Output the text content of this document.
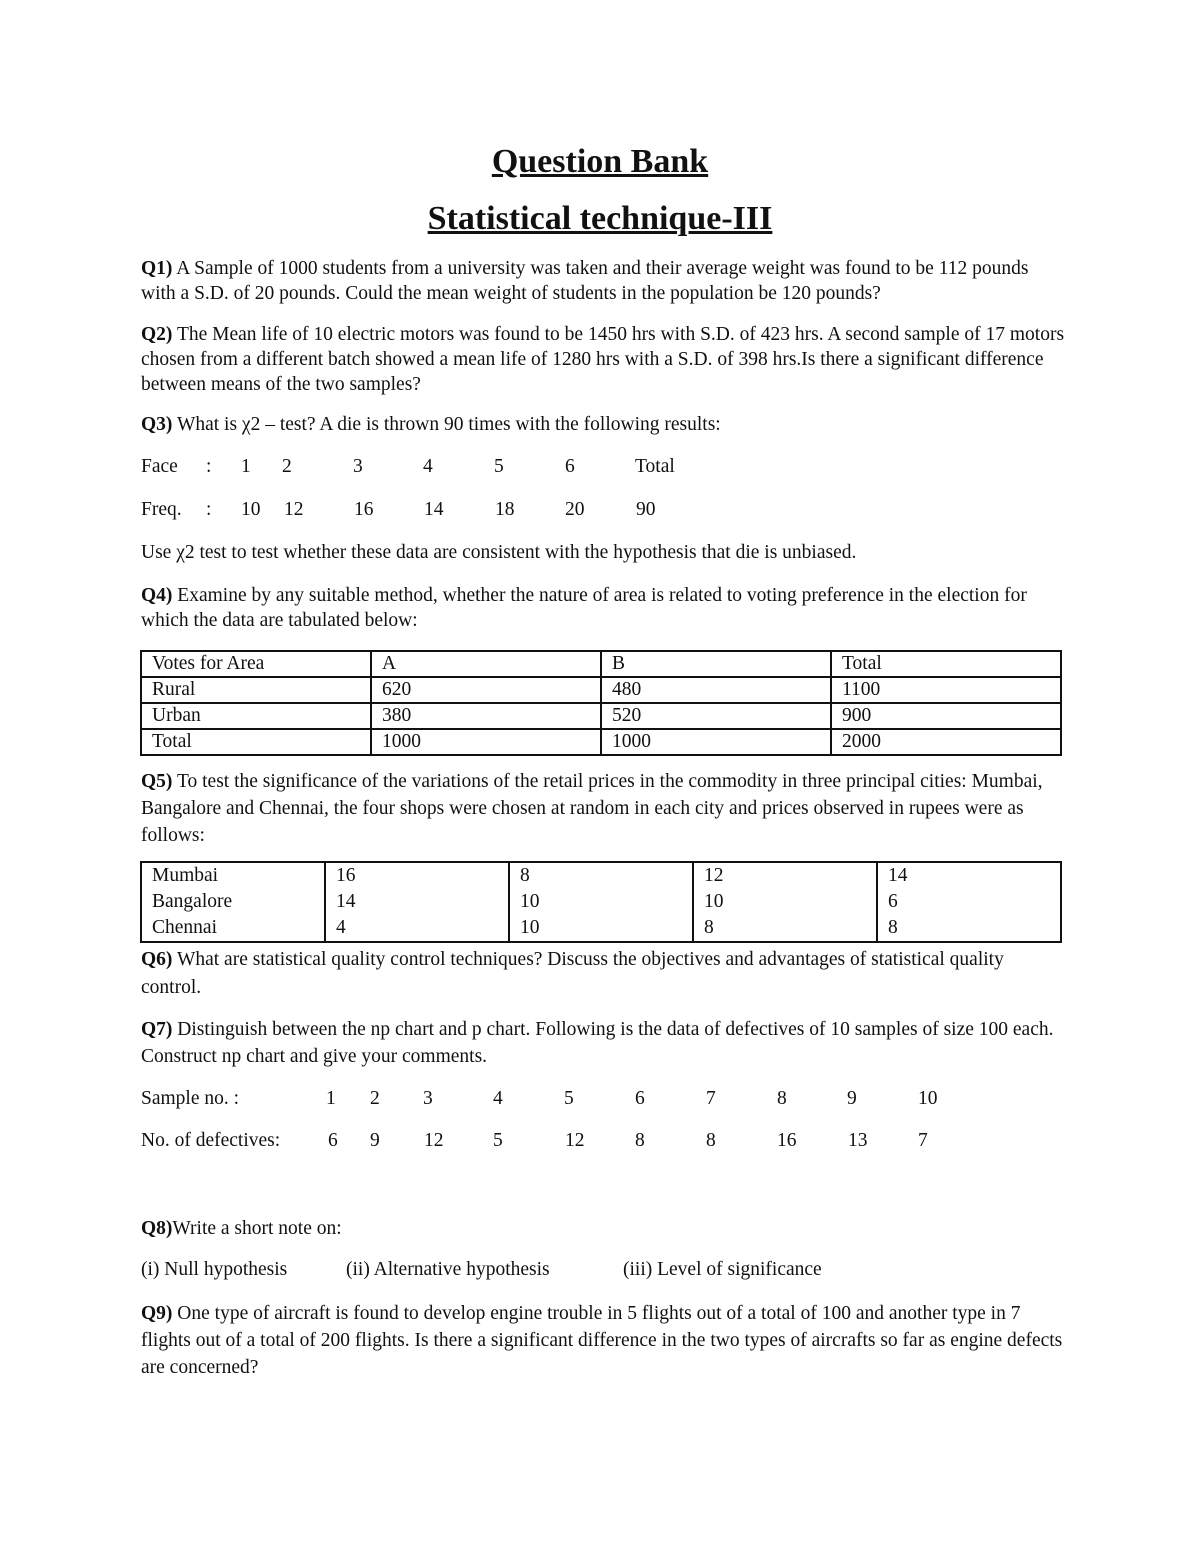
Question Bank
Statistical technique-III

Q1) A Sample of 1000 students from a university was taken and their average weight was found to be 112 pounds with a S.D. of 20 pounds. Could the mean weight of students in the population be 120 pounds?

Q2) The Mean life of 10 electric motors was found to be 1450 hrs with S.D. of 423 hrs. A second sample of 17 motors chosen from a different batch showed a mean life of 1280 hrs with a S.D. of 398 hrs.Is there a significant difference between means of the two samples?

Q3) What is χ2 – test? A die is thrown 90 times with the following results:

Face : 1 2	3	4	5	6	Total
Freq. : 10 12	16	14	18	20	90

Use χ2 test to test whether these data are consistent with the hypothesis that die is unbiased.

Q4) Examine by any suitable method, whether the nature of area is related to voting preference in the election for which the data are tabulated below:

Votes for Area	A	B	Total
Rural	620	480	1100
Urban	380	520	900
Total	1000	1000	2000

Q5) To test the significance of the variations of the retail prices in the commodity in three principal cities: Mumbai, Bangalore and Chennai, the four shops were chosen at random in each city and prices observed in rupees were as follows:

Mumbai	16	8	12	14
Bangalore	14	10	10	6
Chennai	4	10	8	8

Q6) What are statistical quality control techniques? Discuss the objectives and advantages of statistical quality control.

Q7) Distinguish between the np chart and p chart. Following is the data of defectives of 10 samples of size 100 each. Construct np chart and give your comments.

Sample no. :	1 2 3	4	5	6	7	8	9	10
No. of defectives: 6 9 12	5	12	8	8	16	13	7

Q8)Write a short note on:

(i) Null hypothesis	(ii) Alternative hypothesis	(iii) Level of significance

Q9) One type of aircraft is found to develop engine trouble in 5 flights out of a total of 100 and another type in 7 flights out of a total of 200 flights. Is there a significant difference in the two types of aircrafts so far as engine defects are concerned?
